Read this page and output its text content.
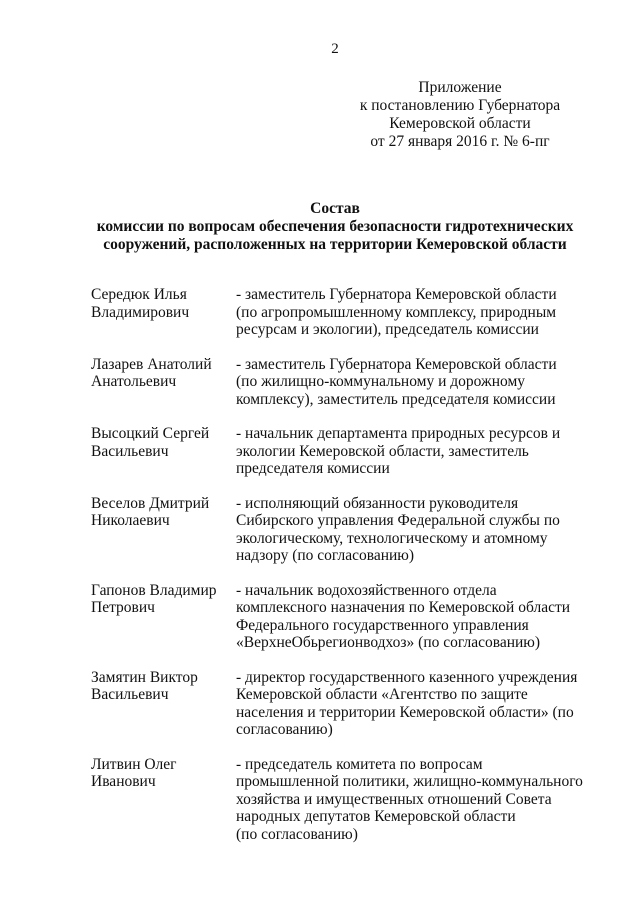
2
Приложение
к постановлению Губернатора
Кемеровской области
от 27 января 2016 г. № 6-пг
Состав
комиссии по вопросам обеспечения безопасности гидротехнических
сооружений, расположенных на территории Кемеровской области
Середюк Илья
Владимирович
- заместитель Губернатора Кемеровской области
(по агропромышленному комплексу, природным
ресурсам и экологии), председатель комиссии
Лазарев Анатолий
Анатольевич
- заместитель Губернатора Кемеровской области
(по жилищно-коммунальному и дорожному
комплексу), заместитель председателя комиссии
Высоцкий Сергей
Васильевич
- начальник департамента природных ресурсов и
экологии Кемеровской области, заместитель
председателя комиссии
Веселов Дмитрий
Николаевич
- исполняющий обязанности руководителя
Сибирского управления Федеральной службы по
экологическому, технологическому и атомному
надзору (по согласованию)
Гапонов Владимир
Петрович
- начальник водохозяйственного отдела
комплексного назначения по Кемеровской области
Федерального государственного управления
«ВерхнеОбьрегионводхоз» (по согласованию)
Замятин Виктор
Васильевич
- директор государственного казенного учреждения
Кемеровской области «Агентство по защите
населения и территории Кемеровской области» (по
согласованию)
Литвин Олег
Иванович
- председатель комитета по вопросам
промышленной политики, жилищно-коммунального
хозяйства и имущественных отношений Совета
народных депутатов Кемеровской области
(по согласованию)
